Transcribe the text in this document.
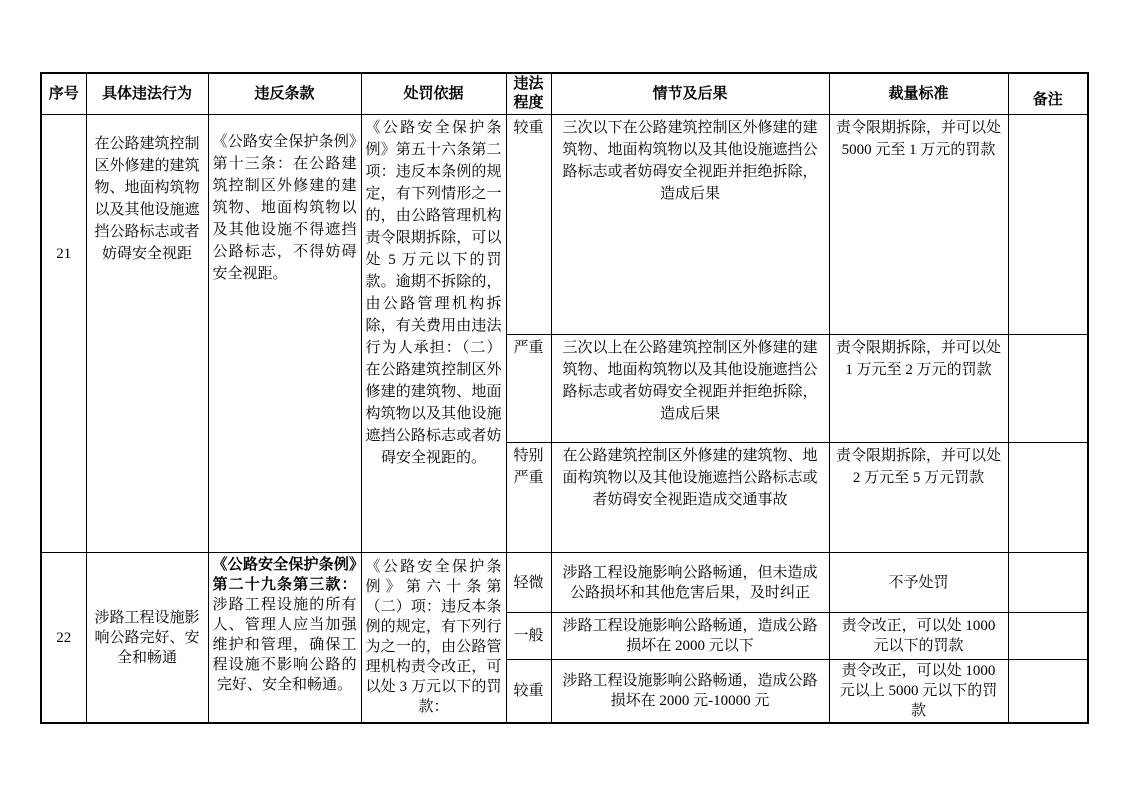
序号	具体违法行为	违反条款	处罚依据	违法程度	情节及后果	裁量标准	备注
21	在公路建筑控制区外修建的建筑物、地面构筑物以及其他设施遮挡公路标志或者妨碍安全视距	《公路安全保护条例》第十三条：在公路建筑控制区外修建的建筑物、地面构筑物以及其他设施不得遮挡公路标志，不得妨碍安全视距。	《公路安全保护条例》第五十六条第二项：违反本条例的规定，有下列情形之一的，由公路管理机构责令限期拆除，可以处 5 万元以下的罚款。逾期不拆除的，由公路管理机构拆除，有关费用由违法行为人承担：（二）在公路建筑控制区外修建的建筑物、地面构筑物以及其他设施遮挡公路标志或者妨碍安全视距的。	较重	三次以下在公路建筑控制区外修建的建筑物、地面构筑物以及其他设施遮挡公路标志或者妨碍安全视距并拒绝拆除，造成后果	责令限期拆除，并可以处 5000 元至 1 万元的罚款	
				严重	三次以上在公路建筑控制区外修建的建筑物、地面构筑物以及其他设施遮挡公路标志或者妨碍安全视距并拒绝拆除，造成后果	责令限期拆除，并可以处 1 万元至 2 万元的罚款	
				特别严重	在公路建筑控制区外修建的建筑物、地面构筑物以及其他设施遮挡公路标志或者妨碍安全视距造成交通事故	责令限期拆除，并可以处 2 万元至 5 万元罚款	
22	涉路工程设施影响公路完好、安全和畅通	《公路安全保护条例》第二十九条第三款：涉路工程设施的所有人、管理人应当加强维护和管理，确保工程设施不影响公路的完好、安全和畅通。	《公路安全保护条例》第六十条第（二）项：违反本条例的规定，有下列行为之一的，由公路管理机构责令改正，可以处 3 万元以下的罚款：	轻微	涉路工程设施影响公路畅通，但未造成公路损坏和其他危害后果，及时纠正	不予处罚	
				一般	涉路工程设施影响公路畅通，造成公路损坏在 2000 元以下	责令改正，可以处 1000 元以下的罚款	
				较重	涉路工程设施影响公路畅通，造成公路损坏在 2000 元-10000 元	责令改正，可以处 1000 元以上 5000 元以下的罚款	
